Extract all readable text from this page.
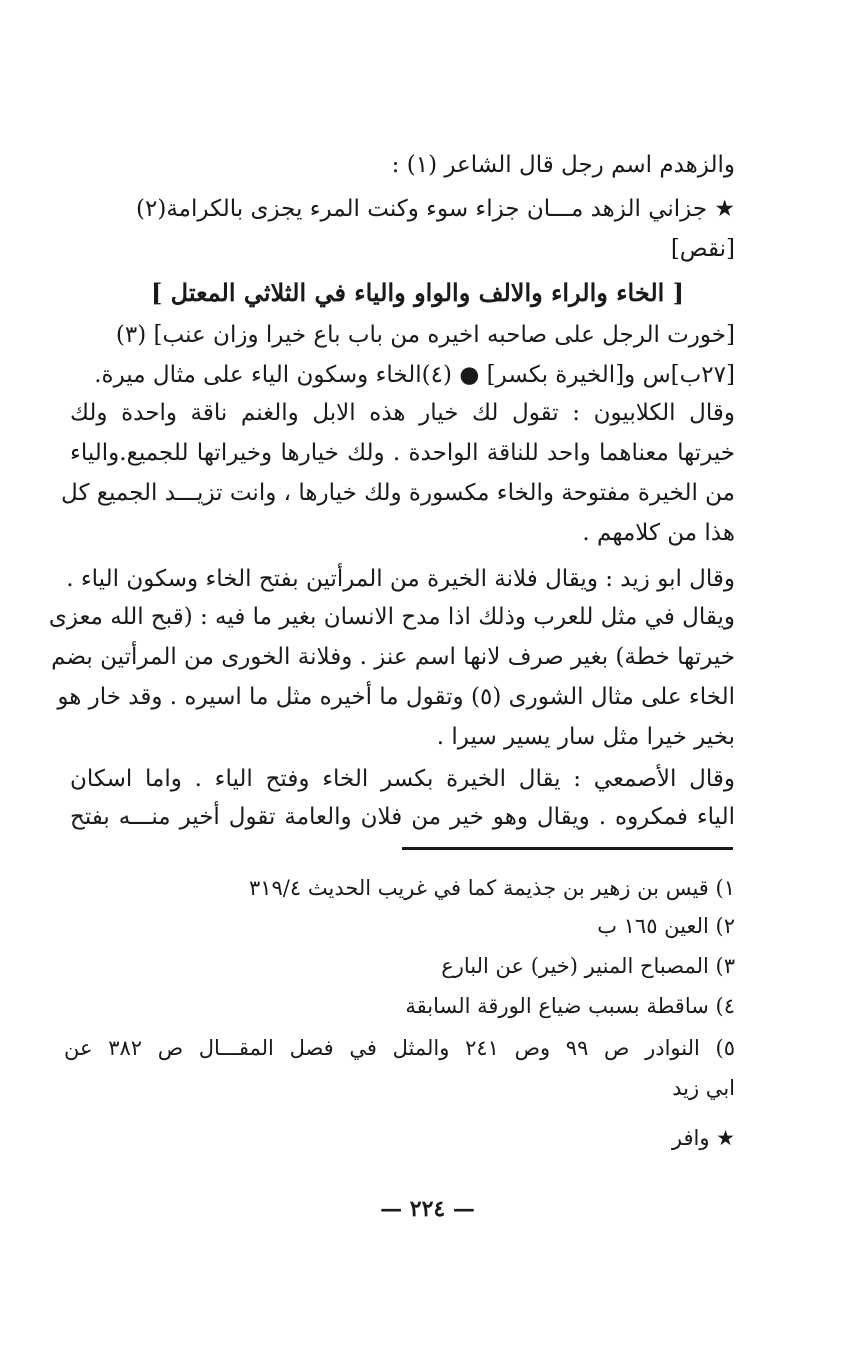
والزهدم اسم رجل قال الشاعر (١) :
★ جزاني الزهد مـــان جزاء سوء وكنت المرء يجزى بالكرامة(٢)
[نقص]
[ الخاء والراء والالف والواو والياء في الثلاثي المعتل ]
[خورت الرجل على صاحبه اخيره من باب باع خيرا وزان عنب] (٣)
[٢٧ب]س و[الخيرة بكسر] ● (٤)الخاء وسكون الياء على مثال ميرة.
وقال الكلابيون : تقول لك خيار هذه الابل والغنم ناقة واحدة ولك
خيرتها معناهما واحد للناقة الواحدة . ولك خيارها وخيراتها للجميع.والياء
من الخيرة مفتوحة والخاء مكسورة ولك خيارها ، وانت تزيـــد الجميع كل
هذا من كلامهم .
وقال ابو زيد : ويقال فلانة الخيرة من المرأتين بفتح الخاء وسكون الياء .
ويقال في مثل للعرب وذلك اذا مدح الانسان بغير ما فيه : (قبح الله معزى
خيرتها خطة) بغير صرف لانها اسم عنز . وفلانة الخورى من المرأتين بضم
الخاء على مثال الشورى (٥) وتقول ما أخيره مثل ما اسيره . وقد خار هو
بخير خيرا مثل سار يسير سيرا .
وقال الأصمعي : يقال الخيرة بكسر الخاء وفتح الياء . واما اسكان
الياء فمكروه . ويقال وهو خير من فلان والعامة تقول أخير منـــه بفتح
١) قيس بن زهير بن جذيمة كما في غريب الحديث ٣١٩/٤
٢) العين ١٦٥ ب
٣) المصباح المنير (خير) عن البارع
٤) ساقطة بسبب ضياع الورقة السابقة
٥) النوادر ص ٩٩ وص ٢٤١ والمثل في فصل المقـــال ص ٣٨٢ عن
ابي زيد
★ وافر
— ٢٢٤ —
